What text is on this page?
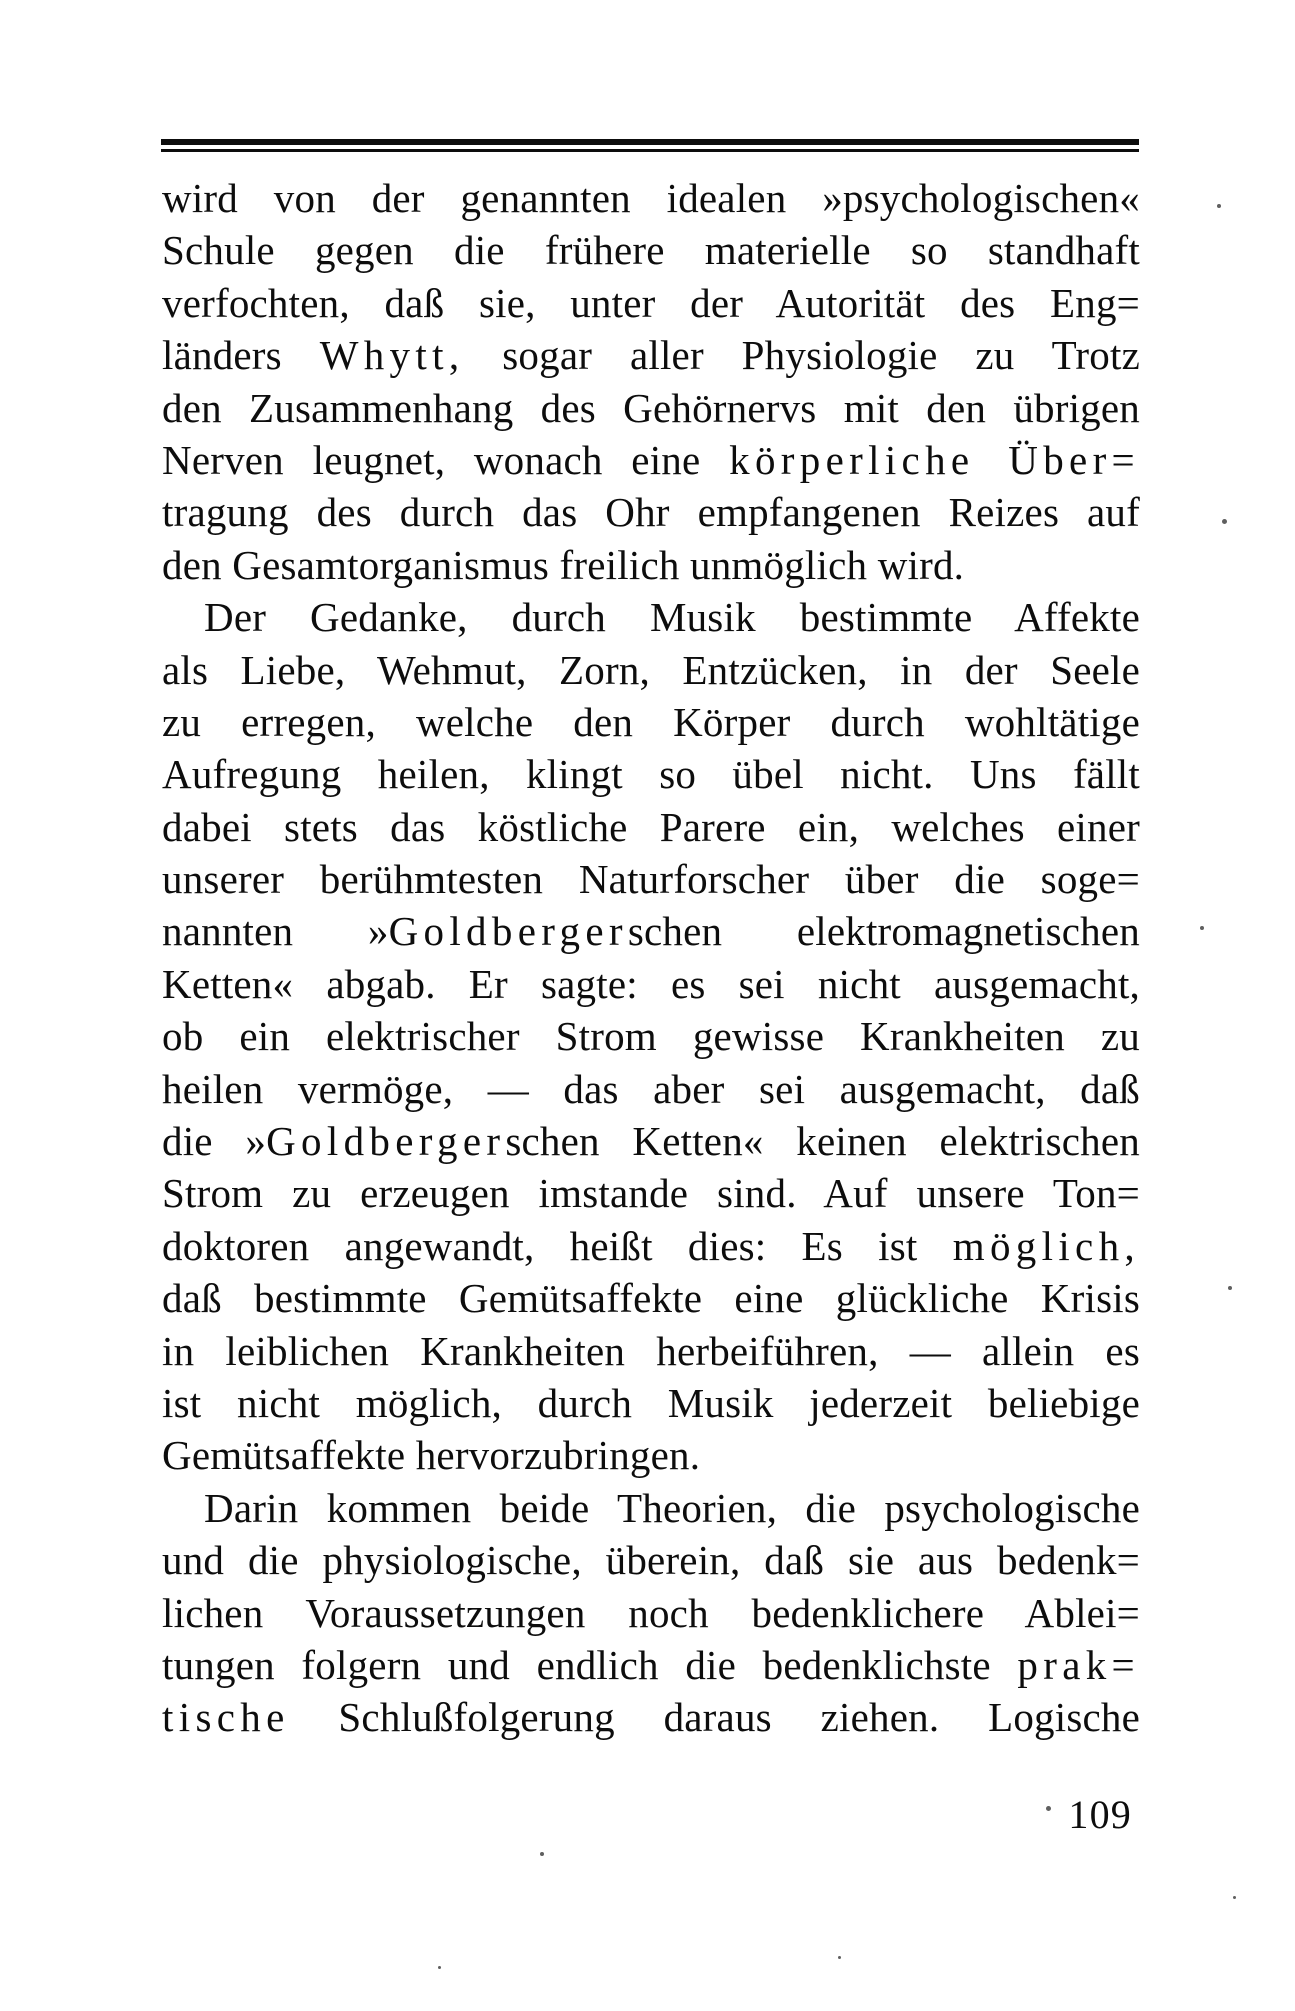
wird von der genannten idealen »psychologischen«
Schule gegen die frühere materielle so standhaft
verfochten, daß sie, unter der Autorität des Eng=
länders Whytt, sogar aller Physiologie zu Trotz
den Zusammenhang des Gehörnervs mit den übrigen
Nerven leugnet, wonach eine körperliche Über=
tragung des durch das Ohr empfangenen Reizes auf
den Gesamtorganismus freilich unmöglich wird.
Der Gedanke, durch Musik bestimmte Affekte
als Liebe, Wehmut, Zorn, Entzücken, in der Seele
zu erregen, welche den Körper durch wohltätige
Aufregung heilen, klingt so übel nicht. Uns fällt
dabei stets das köstliche Parere ein, welches einer
unserer berühmtesten Naturforscher über die soge=
nannten »Goldbergerschen elektromagnetischen
Ketten« abgab. Er sagte: es sei nicht ausgemacht,
ob ein elektrischer Strom gewisse Krankheiten zu
heilen vermöge, — das aber sei ausgemacht, daß
die »Goldbergerschen Ketten« keinen elektrischen
Strom zu erzeugen imstande sind. Auf unsere Ton=
doktoren angewandt, heißt dies: Es ist möglich,
daß bestimmte Gemütsaffekte eine glückliche Krisis
in leiblichen Krankheiten herbeiführen, — allein es
ist nicht möglich, durch Musik jederzeit beliebige
Gemütsaffekte hervorzubringen.
Darin kommen beide Theorien, die psychologische
und die physiologische, überein, daß sie aus bedenk=
lichen Voraussetzungen noch bedenklichere Ablei=
tungen folgern und endlich die bedenklichste prak=
tische Schlußfolgerung daraus ziehen. Logische
109
